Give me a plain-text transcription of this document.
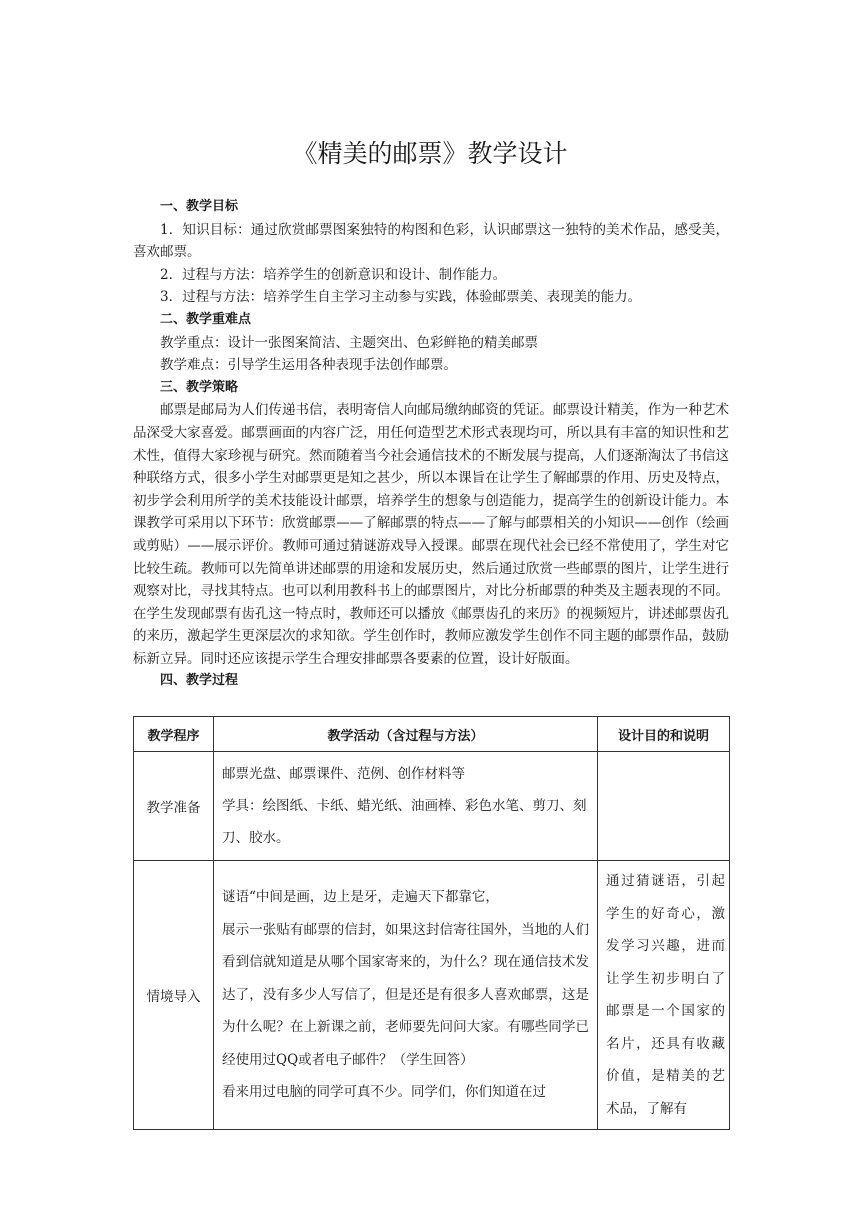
《精美的邮票》教学设计

一、教学目标

1．知识目标：通过欣赏邮票图案独特的构图和色彩，认识邮票这一独特的美术作品，感受美，喜欢邮票。

2．过程与方法：培养学生的创新意识和设计、制作能力。

3．过程与方法：培养学生自主学习主动参与实践，体验邮票美、表现美的能力。

二、教学重难点

教学重点：设计一张图案简洁、主题突出、色彩鲜艳的精美邮票

教学难点：引导学生运用各种表现手法创作邮票。

三、教学策略

邮票是邮局为人们传递书信，表明寄信人向邮局缴纳邮资的凭证。邮票设计精美，作为一种艺术品深受大家喜爱。邮票画面的内容广泛，用任何造型艺术形式表现均可，所以具有丰富的知识性和艺术性，值得大家珍视与研究。然而随着当今社会通信技术的不断发展与提高，人们逐渐淘汰了书信这种联络方式，很多小学生对邮票更是知之甚少，所以本课旨在让学生了解邮票的作用、历史及特点，初步学会利用所学的美术技能设计邮票，培养学生的想象与创造能力，提高学生的创新设计能力。本课教学可采用以下环节：欣赏邮票——了解邮票的特点——了解与邮票相关的小知识——创作（绘画或剪贴）——展示评价。教师可通过猜谜游戏导入授课。邮票在现代社会已经不常使用了，学生对它比较生疏。教师可以先简单讲述邮票的用途和发展历史，然后通过欣赏一些邮票的图片，让学生进行观察对比，寻找其特点。也可以利用教科书上的邮票图片，对比分析邮票的种类及主题表现的不同。在学生发现邮票有齿孔这一特点时，教师还可以播放《邮票齿孔的来历》的视频短片，讲述邮票齿孔的来历，激起学生更深层次的求知欲。学生创作时，教师应激发学生创作不同主题的邮票作品，鼓励标新立异。同时还应该提示学生合理安排邮票各要素的位置，设计好版面。

四、教学过程

教学程序	教学活动（含过程与方法）	设计目的和说明
教学准备	邮票光盘、邮票课件、范例、创作材料等
学具：绘图纸、卡纸、蜡光纸、油画棒、彩色水笔、剪刀、刻刀、胶水。	

情境导入	谜语“中间是画，边上是牙，走遍天下都靠它，
展示一张贴有邮票的信封，如果这封信寄往国外，当地的人们看到信就知道是从哪个国家寄来的，为什么？现在通信技术发达了，没有多少人写信了，但是还是有很多人喜欢邮票，这是为什么呢？在上新课之前，老师要先问问大家。有哪些同学已经使用过QQ或者电子邮件？（学生回答）
看来用过电脑的同学可真不少。同学们，你们知道在过	通过猜谜语，引起学生的好奇心，激发学习兴趣，进而让学生初步明白了邮票是一个国家的名片，还具有收藏价值，是精美的艺术品，了解有
